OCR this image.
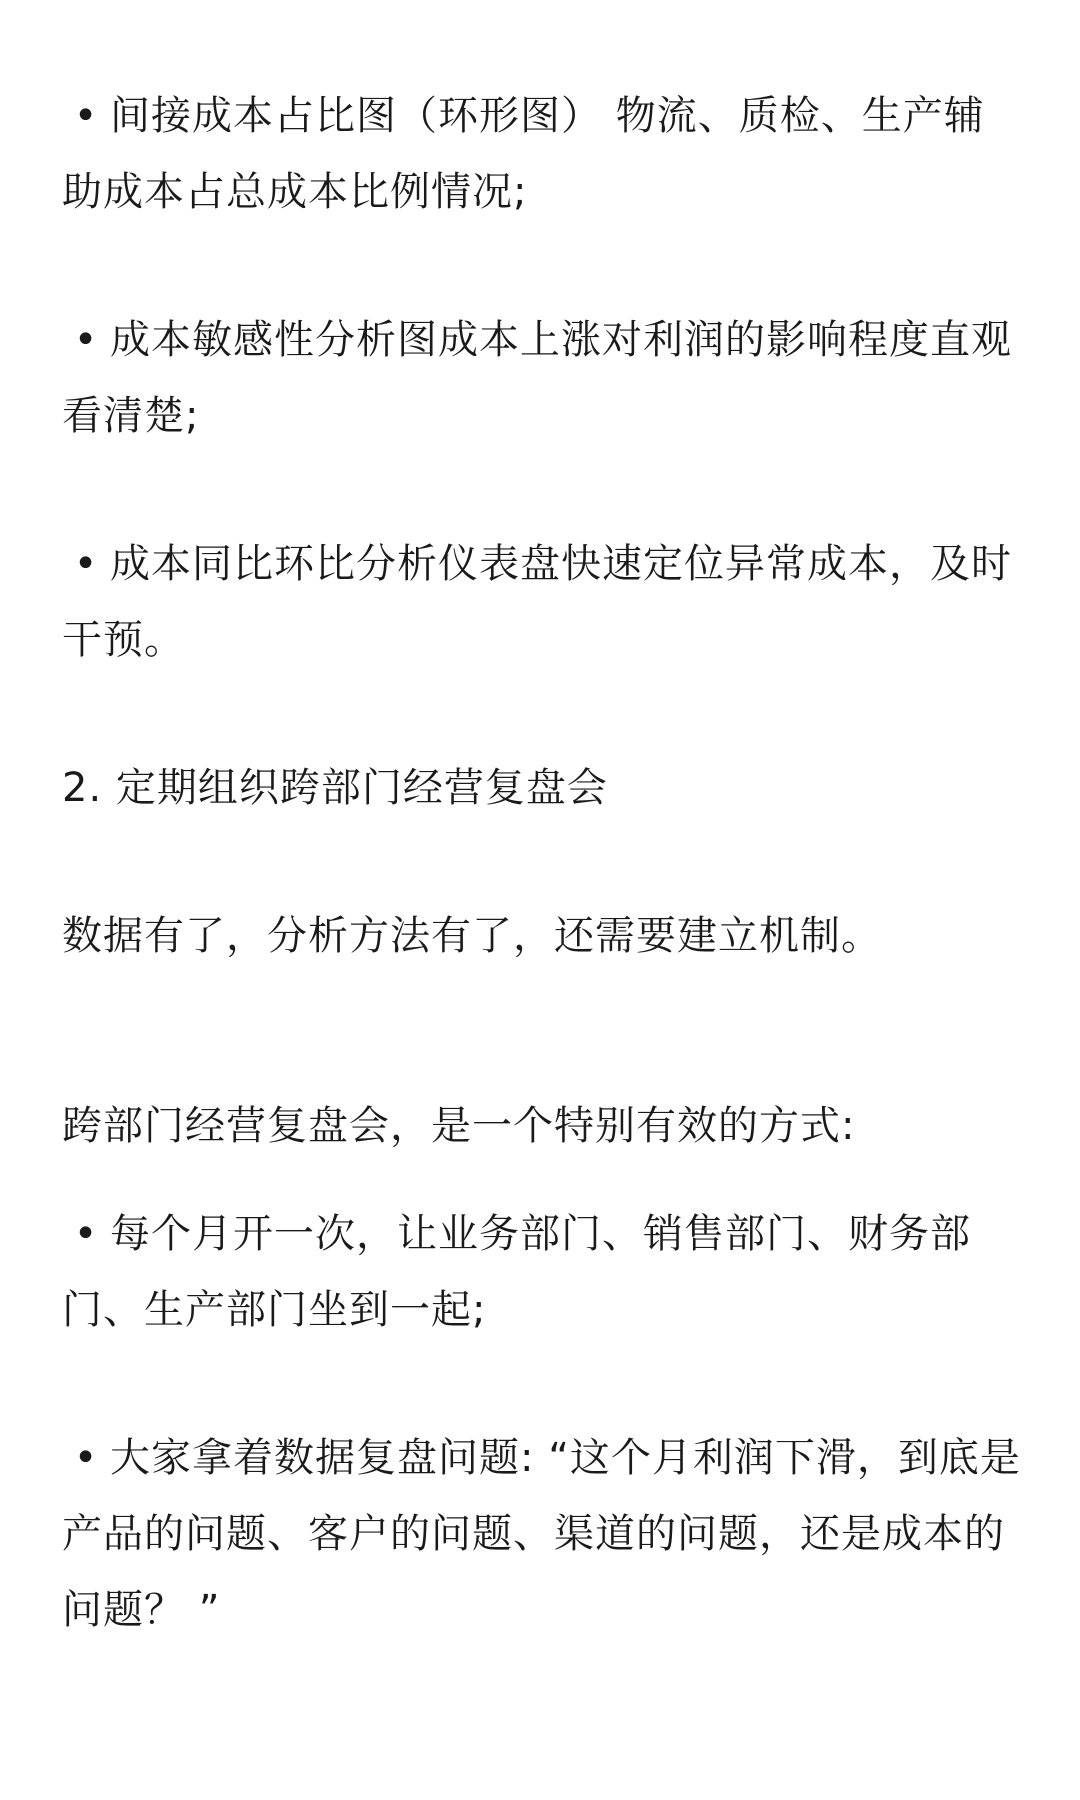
• 间接成本占比图（环形图） 物流、质检、生产辅助成本占总成本比例情况;

• 成本敏感性分析图成本上涨对利润的影响程度直观看清楚;

• 成本同比环比分析仪表盘快速定位异常成本，及时干预。

2. 定期组织跨部门经营复盘会

数据有了，分析方法有了，还需要建立机制。

跨部门经营复盘会，是一个特别有效的方式:

• 每个月开一次，让业务部门、销售部门、财务部门、生产部门坐到一起;

• 大家拿着数据复盘问题: “这个月利润下滑，到底是产品的问题、客户的问题、渠道的问题，还是成本的问题？ ”
